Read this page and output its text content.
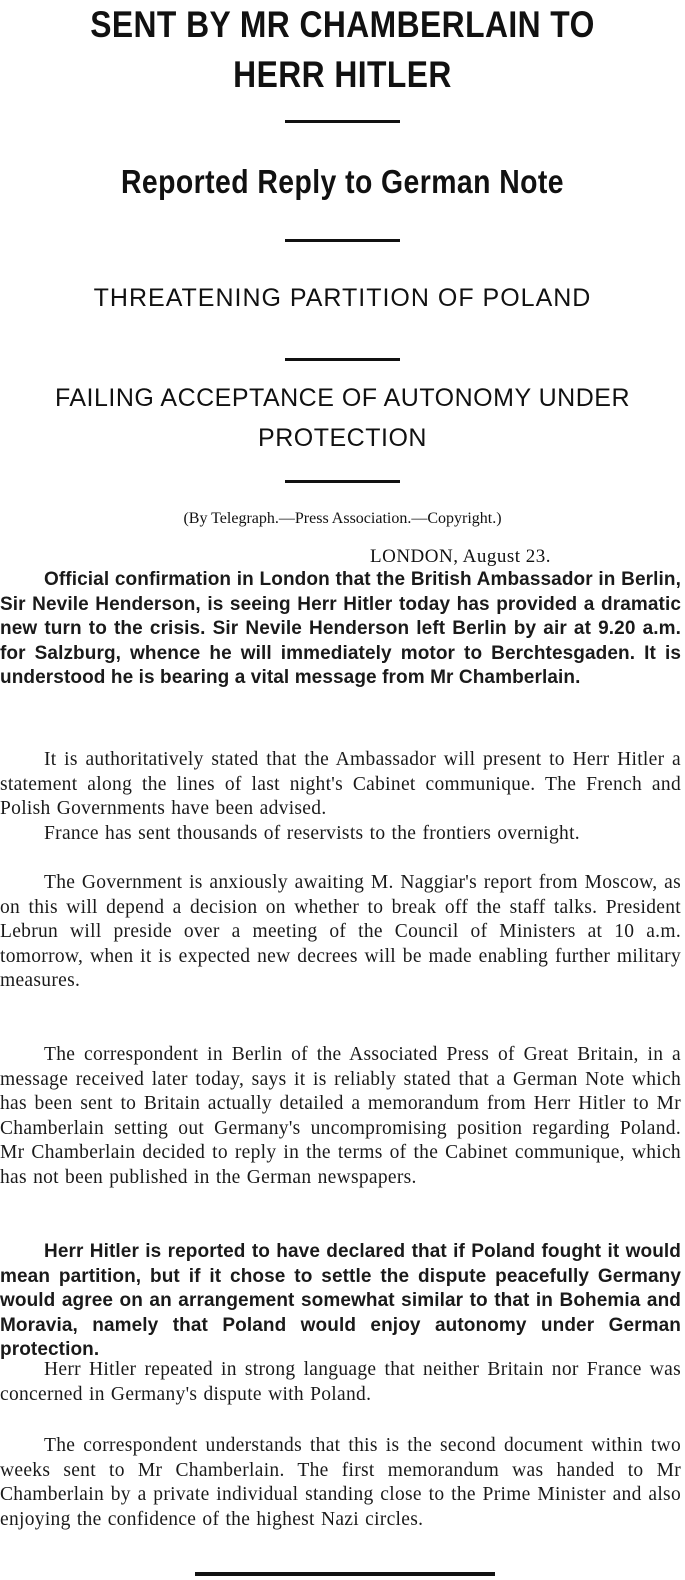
SENT BY MR CHAMBERLAIN TO HERR HITLER
Reported Reply to German Note
THREATENING PARTITION OF POLAND
FAILING ACCEPTANCE OF AUTONOMY UNDER PROTECTION
(By Telegraph.—Press Association.—Copyright.)
LONDON, August 23.

Official confirmation in London that the British Ambassador in Berlin, Sir Nevile Henderson, is seeing Herr Hitler today has provided a dramatic new turn to the crisis. Sir Nevile Henderson left Berlin by air at 9.20 a.m. for Salzburg, whence he will immediately motor to Berchtesgaden. It is understood he is bearing a vital message from Mr Chamberlain.

It is authoritatively stated that the Ambassador will present to Herr Hitler a statement along the lines of last night's Cabinet communique. The French and Polish Governments have been advised.

France has sent thousands of reservists to the frontiers overnight.

The Government is anxiously awaiting M. Naggiar's report from Moscow, as on this will depend a decision on whether to break off the staff talks. President Lebrun will preside over a meeting of the Council of Ministers at 10 a.m. tomorrow, when it is expected new decrees will be made enabling further military measures.

The correspondent in Berlin of the Associated Press of Great Britain, in a message received later today, says it is reliably stated that a German Note which has been sent to Britain actually detailed a memorandum from Herr Hitler to Mr Chamberlain setting out Germany's uncompromising position regarding Poland. Mr Chamberlain decided to reply in the terms of the Cabinet communique, which has not been published in the German newspapers.

Herr Hitler is reported to have declared that if Poland fought it would mean partition, but if it chose to settle the dispute peacefully Germany would agree on an arrangement somewhat similar to that in Bohemia and Moravia, namely that Poland would enjoy autonomy under German protection.

Herr Hitler repeated in strong language that neither Britain nor France was concerned in Germany's dispute with Poland.

The correspondent understands that this is the second document within two weeks sent to Mr Chamberlain. The first memorandum was handed to Mr Chamberlain by a private individual standing close to the Prime Minister and also enjoying the confidence of the highest Nazi circles.
